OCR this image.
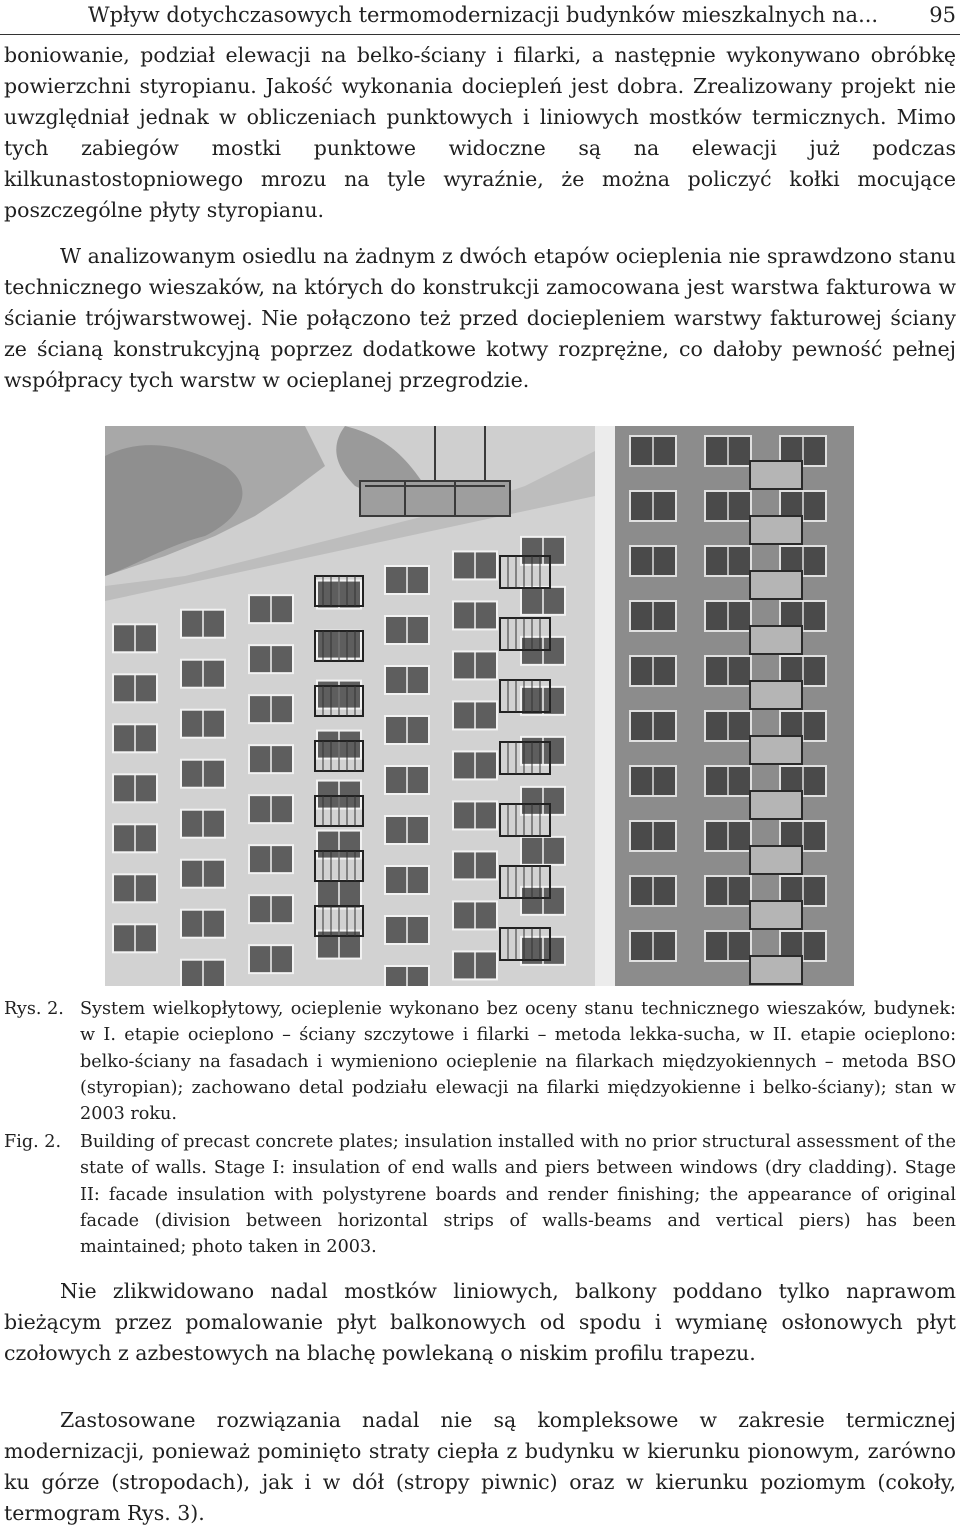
Wpływ dotychczasowych termomodernizacji budynków mieszkalnych na... 95

boniowanie, podział elewacji na belko-ściany i filarki, a następnie wykonywano obróbkę powierzchni styropianu. Jakość wykonania dociepleń jest dobra. Zrealizowany projekt nie uwzględniał jednak w obliczeniach punktowych i liniowych mostków termicznych. Mimo tych zabiegów mostki punktowe widoczne są na elewacji już podczas kilkunastostopniowego mrozu na tyle wyraźnie, że można policzyć kołki mocujące poszczególne płyty styropianu.

W analizowanym osiedlu na żadnym z dwóch etapów ocieplenia nie sprawdzono stanu technicznego wieszaków, na których do konstrukcji zamocowana jest warstwa fakturowa w ścianie trójwarstwowej. Nie połączono też przed dociepleniem warstwy fakturowej ściany ze ścianą konstrukcyjną poprzez dodatkowe kotwy rozprężne, co dałoby pewność pełnej współpracy tych warstw w ocieplanej przegrodzie.

Rys. 2. System wielkopłytowy, ocieplenie wykonano bez oceny stanu technicznego wieszaków, budynek: w I. etapie ocieplono – ściany szczytowe i filarki – metoda lekka-sucha, w II. etapie ocieplono: belko-ściany na fasadach i wymieniono ocieplenie na filarkach międzyokiennych – metoda BSO (styropian); zachowano detal podziału elewacji na filarki międzyokienne i belko-ściany); stan w 2003 roku.
Fig. 2. Building of precast concrete plates; insulation installed with no prior structural assessment of the state of walls. Stage I: insulation of end walls and piers between windows (dry cladding). Stage II: facade insulation with polystyrene boards and render finishing; the appearance of original facade (division between horizontal strips of walls-beams and vertical piers) has been maintained; photo taken in 2003.

Nie zlikwidowano nadal mostków liniowych, balkony poddano tylko naprawom bieżącym przez pomalowanie płyt balkonowych od spodu i wymianę osłonowych płyt czołowych z azbestowych na blachę powlekaną o niskim profilu trapezu.

Zastosowane rozwiązania nadal nie są kompleksowe w zakresie termicznej modernizacji, ponieważ pominięto straty ciepła z budynku w kierunku pionowym, zarówno ku górze (stropodach), jak i w dół (stropy piwnic) oraz w kierunku poziomym (cokoły, termogram Rys. 3).
